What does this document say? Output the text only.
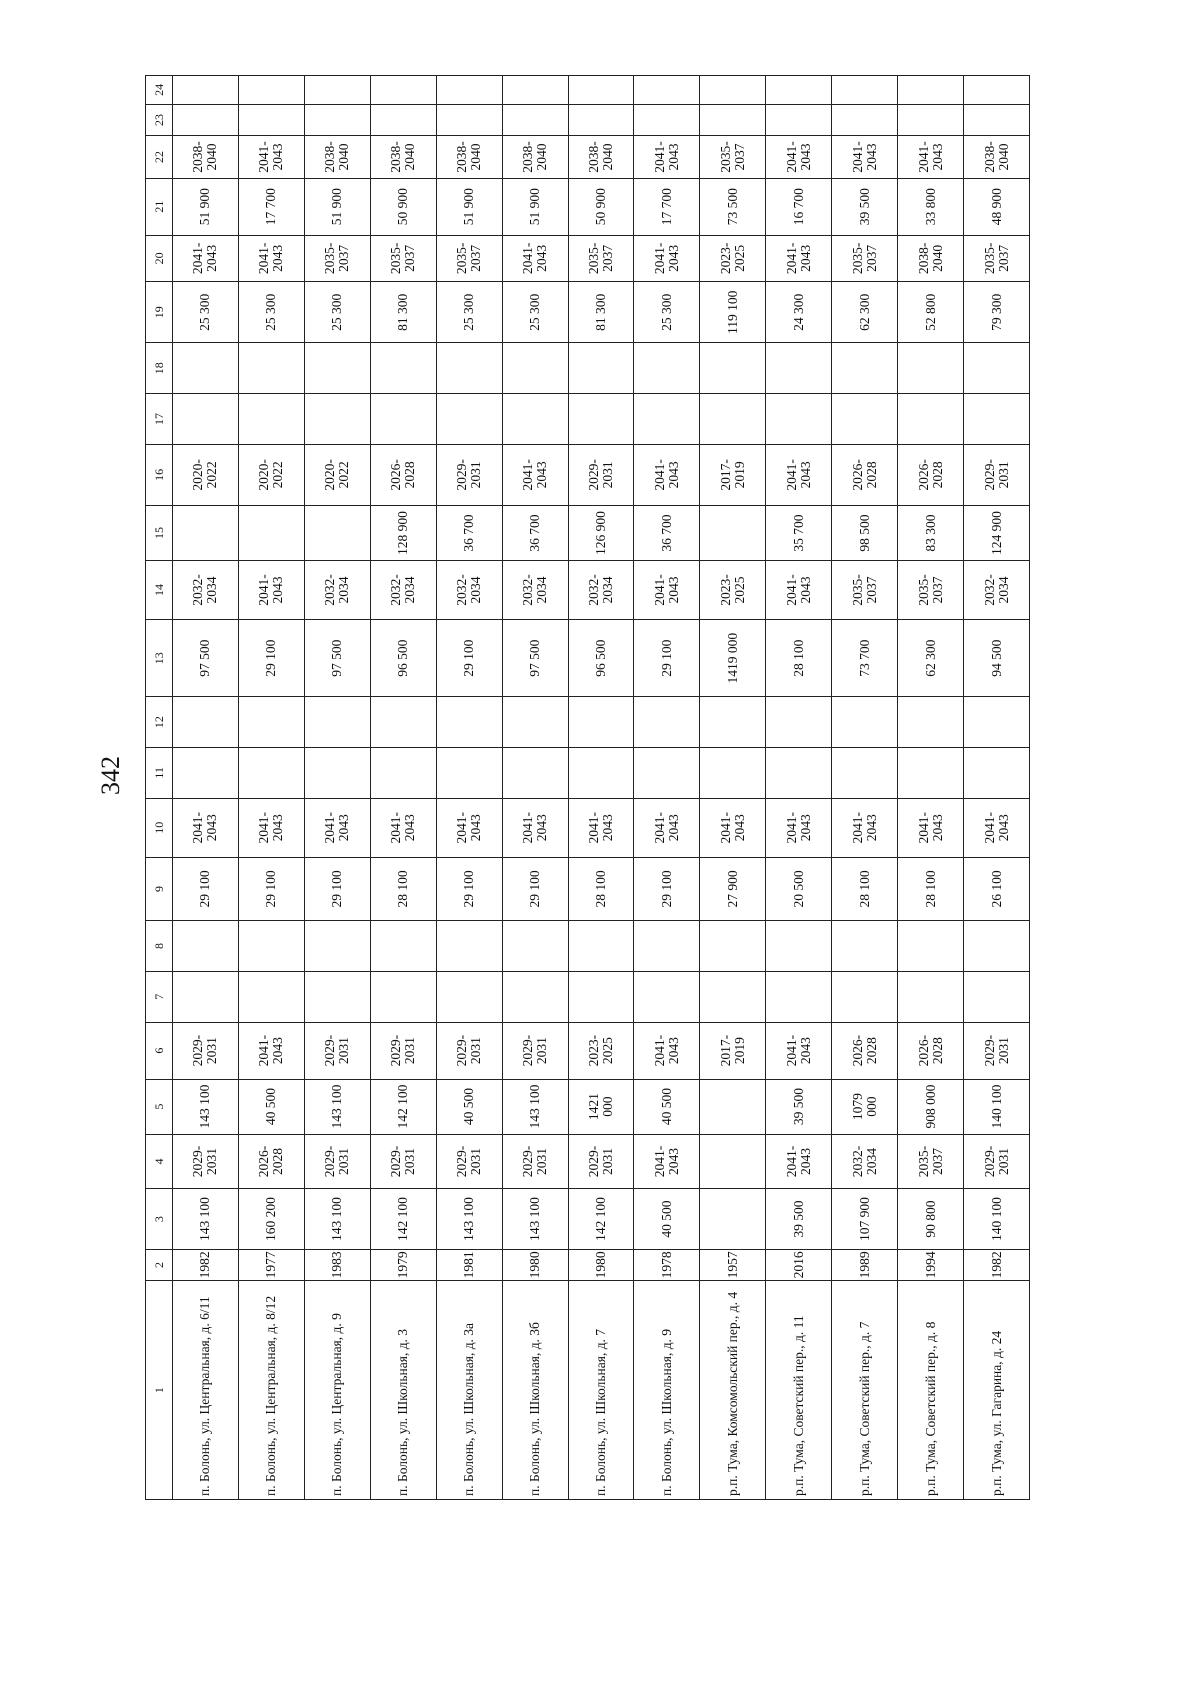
342
1	2	3	4	5	6	7	8	9	10	11	12	13	14	15	16	17	18	19	20	21	22	23	24
п. Болонь, ул. Центральная, д. 6/11	1982	143 100	2029-2031	143 100	2029-2031			29 100	2041-2043			97 500	2032-2034		2020-2022			25 300	2041-2043	51 900	2038-2040		
п. Болонь, ул. Центральная, д. 8/12	1977	160 200	2026-2028	40 500	2041-2043			29 100	2041-2043			29 100	2041-2043		2020-2022			25 300	2041-2043	17 700	2041-2043		
п. Болонь, ул. Центральная, д. 9	1983	143 100	2029-2031	143 100	2029-2031			29 100	2041-2043			97 500	2032-2034		2020-2022			25 300	2035-2037	51 900	2038-2040		
п. Болонь, ул. Школьная, д. 3	1979	142 100	2029-2031	142 100	2029-2031			28 100	2041-2043			96 500	2032-2034	128 900	2026-2028			81 300	2035-2037	50 900	2038-2040		
п. Болонь, ул. Школьная, д. 3а	1981	143 100	2029-2031	40 500	2029-2031			29 100	2041-2043			29 100	2032-2034	36 700	2029-2031			25 300	2035-2037	51 900	2038-2040		
п. Болонь, ул. Школьная, д. 3б	1980	143 100	2029-2031	143 100	2029-2031			29 100	2041-2043			97 500	2032-2034	36 700	2041-2043			25 300	2041-2043	51 900	2038-2040		
п. Болонь, ул. Школьная, д. 7	1980	142 100	2029-2031	1421 000	2023-2025			28 100	2041-2043			96 500	2032-2034	126 900	2029-2031			81 300	2035-2037	50 900	2038-2040		
п. Болонь, ул. Школьная, д. 9	1978	40 500	2041-2043	40 500	2041-2043			29 100	2041-2043			29 100	2041-2043	36 700	2041-2043			25 300	2041-2043	17 700	2041-2043		
р.п. Тума, Комсомольский пер., д. 4	1957				2017-2019			27 900	2041-2043			1419 000	2023-2025		2017-2019			119 100	2023-2025	73 500	2035-2037		
р.п. Тума, Советский пер., д. 11	2016	39 500	2041-2043	39 500	2041-2043			20 500	2041-2043			28 100	2041-2043	35 700	2041-2043			24 300	2041-2043	16 700	2041-2043		
р.п. Тума, Советский пер., д. 7	1989	107 900	2032-2034	1079 000	2026-2028			28 100	2041-2043			73 700	2035-2037	98 500	2026-2028			62 300	2035-2037	39 500	2041-2043		
р.п. Тума, Советский пер., д. 8	1994	90 800	2035-2037	908 000	2026-2028			28 100	2041-2043			62 300	2035-2037	83 300	2026-2028			52 800	2038-2040	33 800	2041-2043		
р.п. Тума, ул. Гагарина, д. 24	1982	140 100	2029-2031	140 100	2029-2031			26 100	2041-2043			94 500	2032-2034	124 900	2029-2031			79 300	2035-2037	48 900	2038-2040		
